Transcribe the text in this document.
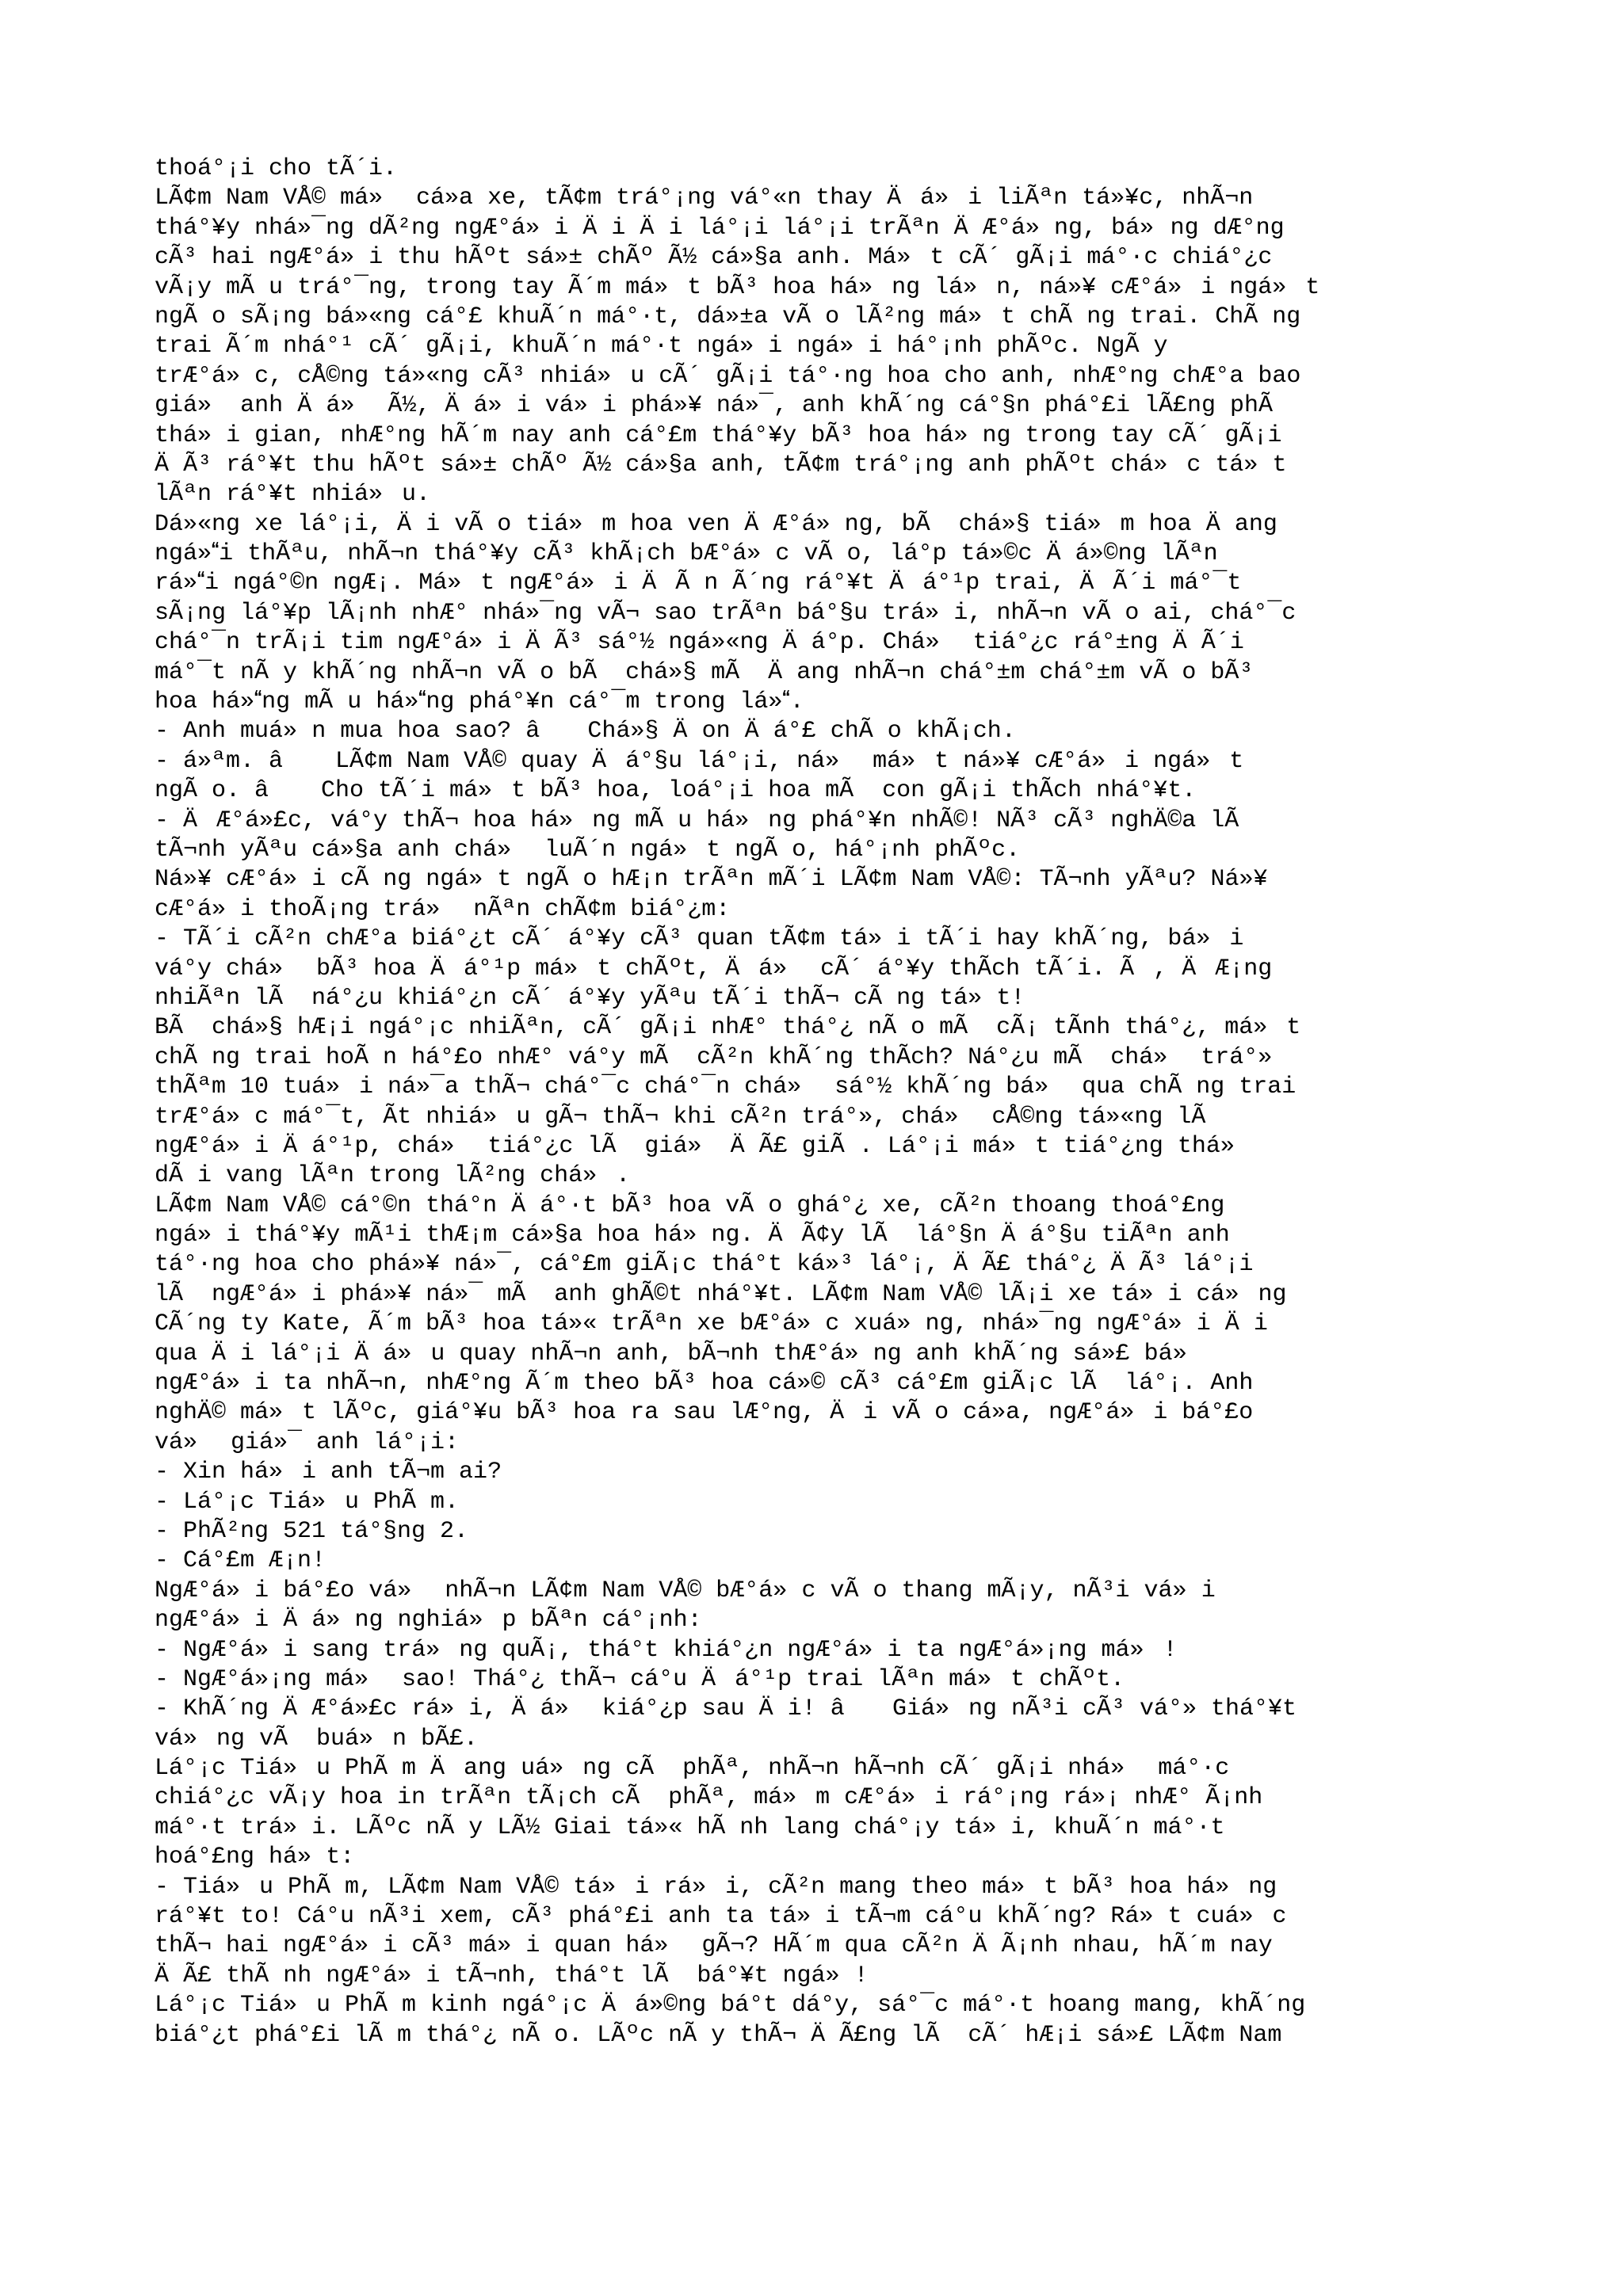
thoá°¡i cho tÃ´i.
LÃ¢m Nam VÅ© má» cá»a xe, tÃ¢m trá°¡ng vá°«n thay Äá»i liÃªn tá»¥c, nhÃ¬n
thá°¥y nhá»¯ng dÃ²ng ngÆ°á»i Äi Äi lá°¡i lá°¡i trÃªn ÄÆ°á»ng, bá»ng dÆ°ng
cÃ³ hai ngÆ°á»i thu hÃºt sá»± chÃº Ã½ cá»§a anh. Má»t cÃ´ gÃ¡i má°·c chiá°¿c
vÃ¡y mÃ u trá°¯ng, trong tay Ã´m má»t bÃ³ hoa há»ng lá»n, ná»¥ cÆ°á»i ngá»t
ngÃ o sÃ¡ng bá»«ng cá°£ khuÃ´n má°·t, dá»±a vÃ o lÃ²ng má»t chÃ ng trai. ChÃ ng
trai Ã´m nhá°¹ cÃ´ gÃ¡i, khuÃ´n má°·t ngá»i ngá»i há°¡nh phÃºc. NgÃ y
trÆ°á»c, cÅ©ng tá»«ng cÃ³ nhiá»u cÃ´ gÃ¡i tá°·ng hoa cho anh, nhÆ°ng chÆ°a bao
giá» anh Äá» Ã½, Äá»i vá»i phá»¥ ná»¯, anh khÃ´ng cá°§n phá°£i lÃ£ng phÃ
thá»i gian, nhÆ°ng hÃ´m nay anh cá°£m thá°¥y bÃ³ hoa há»ng trong tay cÃ´ gÃ¡i
ÄÃ³ rá°¥t thu hÃºt sá»± chÃº Ã½ cá»§a anh, tÃ¢m trá°¡ng anh phÃºt chá»c tá»t
lÃªn rá°¥t nhiá»u.
Dá»«ng xe lá°¡i, Äi vÃ o tiá»m hoa ven ÄÆ°á»ng, bÃ  chá»§ tiá»m hoa Äang
ngá»i thÃªu, nhÃ¬n thá°¥y cÃ³ khÃ¡ch bÆ°á»c vÃ o, lá°p tá»©c Äá»©ng lÃªn
rá»i ngá°©n ngÆ¡. Má»t ngÆ°á»i ÄÃ n Ã´ng rá°¥t Äá°¹p trai, ÄÃ´i má°¯t
sÃ¡ng lá°¥p lÃ¡nh nhÆ° nhá»¯ng vÃ¬ sao trÃªn bá°§u trá»i, nhÃ¬n vÃ o ai, chá°¯c
chá°¯n trÃ¡i tim ngÆ°á»i ÄÃ³ sá°½ ngá»«ng Äá°p. Chá» tiá°¿c rá°±ng ÄÃ´i
má°¯t nÃ y khÃ´ng nhÃ¬n vÃ o bÃ  chá»§ mÃ  Äang nhÃ¬n chá°±m chá°±m vÃ o bÃ³
hoa há»ng mÃ u há»ng phá°¥n cá°¯m trong lá».
- Anh muá»n mua hoa sao? â Chá»§ Äon Äá°£ chÃ o khÃ¡ch.
- á»ªm. â LÃ¢m Nam VÅ© quay Äá°§u lá°¡i, ná» má»t ná»¥ cÆ°á»i ngá»t
ngÃ o. â Cho tÃ´i má»t bÃ³ hoa, loá°¡i hoa mÃ  con gÃ¡i thÃch nhá°¥t.
- ÄÆ°á»£c, vá°y thÃ¬ hoa há»ng mÃ u há»ng phá°¥n nhÃ©! NÃ³ cÃ³ nghÄ©a lÃ
tÃ¬nh yÃªu cá»§a anh chá» luÃ´n ngá»t ngÃ o, há°¡nh phÃºc.
Ná»¥ cÆ°á»i cÃ ng ngá»t ngÃ o hÆ¡n trÃªn mÃ´i LÃ¢m Nam VÅ©: TÃ¬nh yÃªu? Ná»¥
cÆ°á»i thoÃ¡ng trá» nÃªn chÃ¢m biá°¿m:
- TÃ´i cÃ²n chÆ°a biá°¿t cÃ´ á°¥y cÃ³ quan tÃ¢m tá»i tÃ´i hay khÃ´ng, bá»i
vá°y chá» bÃ³ hoa Äá°¹p má»t chÃºt, Äá» cÃ´ á°¥y thÃch tÃ´i. Ã, ÄÆ¡ng
nhiÃªn lÃ  ná°¿u khiá°¿n cÃ´ á°¥y yÃªu tÃ´i thÃ¬ cÃ ng tá»t!
BÃ  chá»§ hÆ¡i ngá°¡c nhiÃªn, cÃ´ gÃ¡i nhÆ° thá°¿ nÃ o mÃ  cÃ¡ tÃnh thá°¿, má»t
chÃ ng trai hoÃ n há°£o nhÆ° vá°y mÃ  cÃ²n khÃ´ng thÃch? Ná°¿u mÃ  chá» trá°»
thÃªm 10 tuá»i ná»¯a thÃ¬ chá°¯c chá°¯n chá» sá°½ khÃ´ng bá» qua chÃ ng trai
trÆ°á»c má°¯t, Ãt nhiá»u gÃ¬ thÃ¬ khi cÃ²n trá°», chá» cÅ©ng tá»«ng lÃ
ngÆ°á»i Äá°¹p, chá» tiá°¿c lÃ  giá» ÄÃ£ giÃ . Lá°¡i má»t tiá°¿ng thá»
dÃ i vang lÃªn trong lÃ²ng chá».
LÃ¢m Nam VÅ© cá°©n thá°n Äá°·t bÃ³ hoa vÃ o ghá°¿ xe, cÃ²n thoang thoá°£ng
ngá»i thá°¥y mÃ¹i thÆ¡m cá»§a hoa há»ng. ÄÃ¢y lÃ  lá°§n Äá°§u tiÃªn anh
tá°·ng hoa cho phá»¥ ná»¯, cá°£m giÃ¡c thá°t ká»³ lá°¡, ÄÃ£ thá°¿ ÄÃ³ lá°¡i
lÃ  ngÆ°á»i phá»¥ ná»¯ mÃ  anh ghÃ©t nhá°¥t. LÃ¢m Nam VÅ© lÃ¡i xe tá»i cá»ng
CÃ´ng ty Kate, Ã´m bÃ³ hoa tá»« trÃªn xe bÆ°á»c xuá»ng, nhá»¯ng ngÆ°á»i Äi
qua Äi lá°¡i Äá»u quay nhÃ¬n anh, bÃ¬nh thÆ°á»ng anh khÃ´ng sá»£ bá»
ngÆ°á»i ta nhÃ¬n, nhÆ°ng Ã´m theo bÃ³ hoa cá»© cÃ³ cá°£m giÃ¡c lÃ  lá°¡. Anh
nghÄ© má»t lÃºc, giá°¥u bÃ³ hoa ra sau lÆ°ng, Äi vÃ o cá»a, ngÆ°á»i bá°£o
vá» giá»¯ anh lá°¡i:
- Xin há»i anh tÃ¬m ai?
- Lá°¡c Tiá»u PhÃ m.
- PhÃ²ng 521 tá°§ng 2.
- Cá°£m Æ¡n!
NgÆ°á»i bá°£o vá» nhÃ¬n LÃ¢m Nam VÅ© bÆ°á»c vÃ o thang mÃ¡y, nÃ³i vá»i
ngÆ°á»i Äá»ng nghiá»p bÃªn cá°¡nh:
- NgÆ°á»i sang trá»ng quÃ¡, thá°t khiá°¿n ngÆ°á»i ta ngÆ°á»¡ng má»!
- NgÆ°á»¡ng má» sao! Thá°¿ thÃ¬ cá°u Äá°¹p trai lÃªn má»t chÃºt.
- KhÃ´ng ÄÆ°á»£c rá»i, Äá» kiá°¿p sau Äi! â Giá»ng nÃ³i cÃ³ vá°» thá°¥t
vá»ng vÃ  buá»n bÃ£.
Lá°¡c Tiá»u PhÃ m Äang uá»ng cÃ  phÃª, nhÃ¬n hÃ¬nh cÃ´ gÃ¡i nhá» má°·c
chiá°¿c vÃ¡y hoa in trÃªn tÃ¡ch cÃ  phÃª, má»m cÆ°á»i rá°¡ng rá»¡ nhÆ° Ã¡nh
má°·t trá»i. LÃºc nÃ y LÃ½ Giai tá»« hÃ nh lang chá°¡y tá»i, khuÃ´n má°·t
hoá°£ng há»t:
- Tiá»u PhÃ m, LÃ¢m Nam VÅ© tá»i rá»i, cÃ²n mang theo má»t bÃ³ hoa há»ng
rá°¥t to! Cá°u nÃ³i xem, cÃ³ phá°£i anh ta tá»i tÃ¬m cá°u khÃ´ng? Rá»t cuá»c
thÃ¬ hai ngÆ°á»i cÃ³ má»i quan há» gÃ¬? HÃ´m qua cÃ²n ÄÃ¡nh nhau, hÃ´m nay
ÄÃ£ thÃ nh ngÆ°á»i tÃ¬nh, thá°t lÃ  bá°¥t ngá»!
Lá°¡c Tiá»u PhÃ m kinh ngá°¡c Äá»©ng bá°t dá°y, sá°¯c má°·t hoang mang, khÃ´ng
biá°¿t phá°£i lÃ m thá°¿ nÃ o. LÃºc nÃ y thÃ¬ ÄÃ£ng lÃ  cÃ´ hÆ¡i sá»£ LÃ¢m Nam
